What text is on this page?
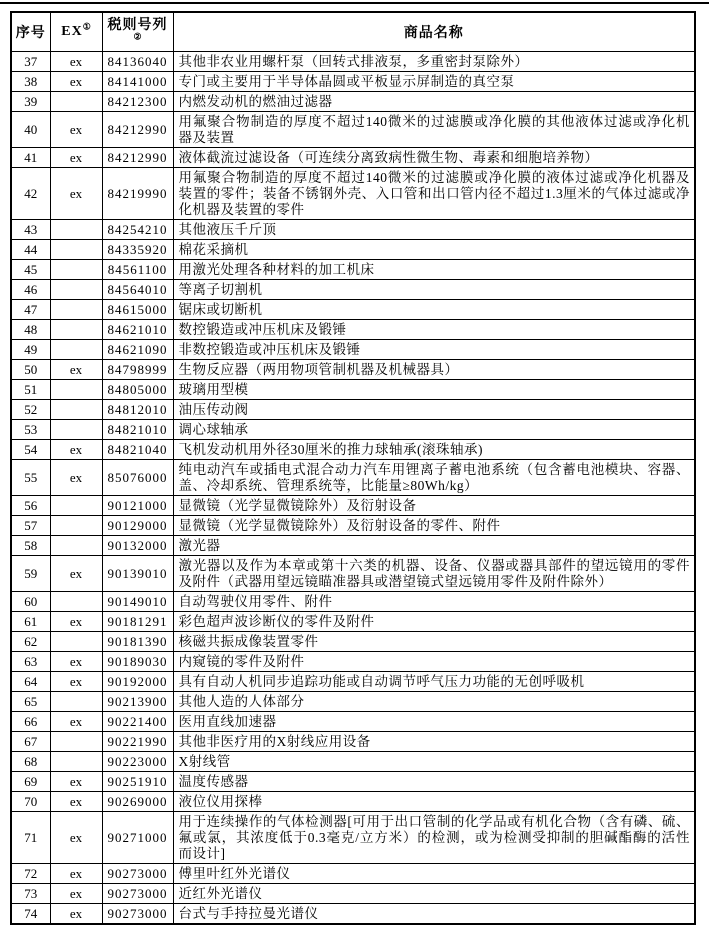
序号	EX①	税则号列②	商品名称
37	ex	84136040	其他非农业用螺杆泵（回转式排液泵，多重密封泵除外）
38	ex	84141000	专门或主要用于半导体晶圆或平板显示屏制造的真空泵
39		84212300	内燃发动机的燃油过滤器
40	ex	84212990	用氟聚合物制造的厚度不超过140微米的过滤膜或净化膜的其他液体过滤或净化机器及装置
41	ex	84212990	液体截流过滤设备（可连续分离致病性微生物、毒素和细胞培养物）
42	ex	84219990	用氟聚合物制造的厚度不超过140微米的过滤膜或净化膜的液体过滤或净化机器及装置的零件；装备不锈钢外壳、入口管和出口管内径不超过1.3厘米的气体过滤或净化机器及装置的零件
43		84254210	其他液压千斤顶
44		84335920	棉花采摘机
45		84561100	用激光处理各种材料的加工机床
46		84564010	等离子切割机
47		84615000	锯床或切断机
48		84621010	数控锻造或冲压机床及锻锤
49		84621090	非数控锻造或冲压机床及锻锤
50	ex	84798999	生物反应器（两用物项管制机器及机械器具）
51		84805000	玻璃用型模
52		84812010	油压传动阀
53		84821010	调心球轴承
54	ex	84821040	飞机发动机用外径30厘米的推力球轴承(滚珠轴承)
55	ex	85076000	纯电动汽车或插电式混合动力汽车用锂离子蓄电池系统（包含蓄电池模块、容器、盖、冷却系统、管理系统等，比能量≥80Wh/kg）
56		90121000	显微镜（光学显微镜除外）及衍射设备
57		90129000	显微镜（光学显微镜除外）及衍射设备的零件、附件
58		90132000	激光器
59	ex	90139010	激光器以及作为本章或第十六类的机器、设备、仪器或器具部件的望远镜用的零件及附件（武器用望远镜瞄准器具或潜望镜式望远镜用零件及附件除外）
60		90149010	自动驾驶仪用零件、附件
61	ex	90181291	彩色超声波诊断仪的零件及附件
62		90181390	核磁共振成像装置零件
63	ex	90189030	内窥镜的零件及附件
64	ex	90192000	具有自动人机同步追踪功能或自动调节呼气压力功能的无创呼吸机
65		90213900	其他人造的人体部分
66	ex	90221400	医用直线加速器
67		90221990	其他非医疗用的X射线应用设备
68		90223000	X射线管
69	ex	90251910	温度传感器
70	ex	90269000	液位仪用探棒
71	ex	90271000	用于连续操作的气体检测器[可用于出口管制的化学品或有机化合物（含有磷、硫、氟或氯，其浓度低于0.3毫克/立方米）的检测，或为检测受抑制的胆碱酯酶的活性而设计]
72	ex	90273000	傅里叶红外光谱仪
73	ex	90273000	近红外光谱仪
74	ex	90273000	台式与手持拉曼光谱仪
